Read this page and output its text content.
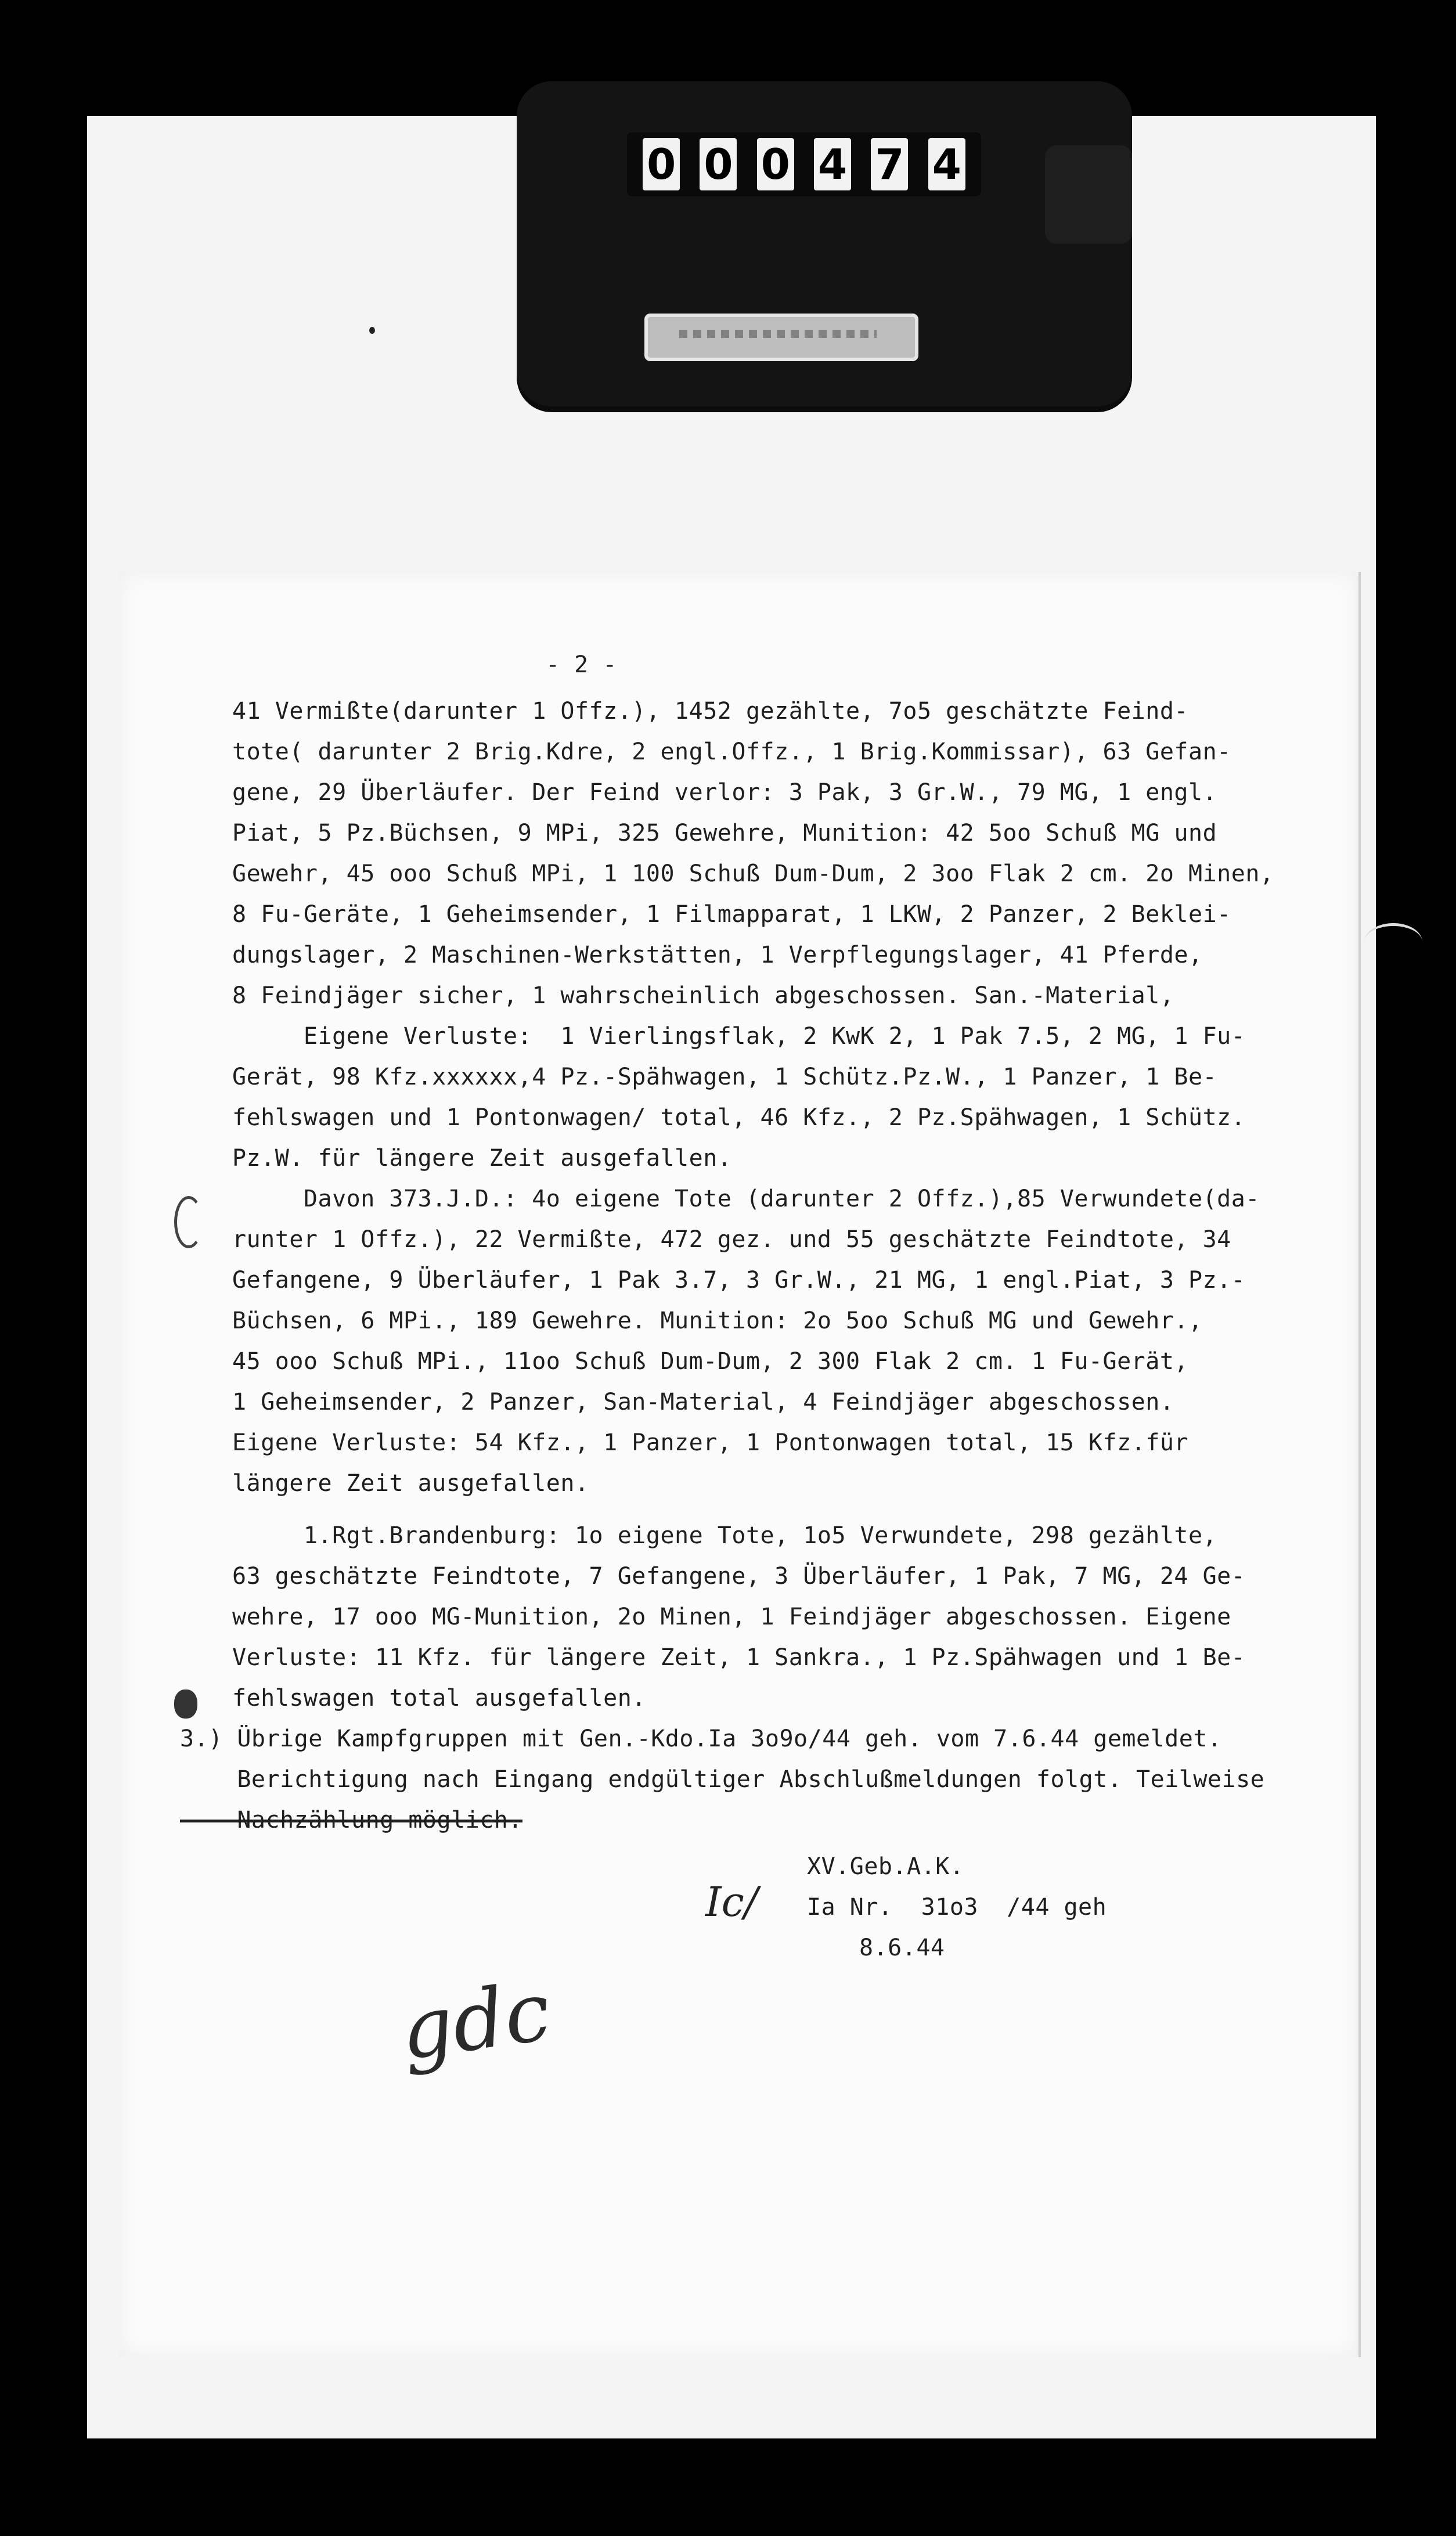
0 0 0 4 7 4

- 2 -

41 Vermißte(darunter 1 Offz.), 1452 gezählte, 7o5 geschätzte Feind-

tote( darunter 2 Brig.Kdre, 2 engl.Offz., 1 Brig.Kommissar), 63 Gefan-

gene, 29 Überläufer. Der Feind verlor: 3 Pak, 3 Gr.W., 79 MG, 1 engl.

Piat, 5 Pz.Büchsen, 9 MPi, 325 Gewehre, Munition: 42 5oo Schuß MG und

Gewehr, 45 ooo Schuß MPi, 1 100 Schuß Dum-Dum, 2 3oo Flak 2 cm. 2o Minen,

8 Fu-Geräte, 1 Geheimsender, 1 Filmapparat, 1 LKW, 2 Panzer, 2 Beklei-

dungslager, 2 Maschinen-Werkstätten, 1 Verpflegungslager, 41 Pferde,

8 Feindjäger sicher, 1 wahrscheinlich abgeschossen. San.-Material,

Eigene Verluste:  1 Vierlingsflak, 2 KwK 2, 1 Pak 7.5, 2 MG, 1 Fu-

Gerät, 98 Kfz.xxxxxx,4 Pz.-Spähwagen, 1 Schütz.Pz.W., 1 Panzer, 1 Be-

fehlswagen und 1 Pontonwagen/ total, 46 Kfz., 2 Pz.Spähwagen, 1 Schütz.

Pz.W. für längere Zeit ausgefallen.

Davon 373.J.D.: 4o eigene Tote (darunter 2 Offz.),85 Verwundete(da-

runter 1 Offz.), 22 Vermißte, 472 gez. und 55 geschätzte Feindtote, 34

Gefangene, 9 Überläufer, 1 Pak 3.7, 3 Gr.W., 21 MG, 1 engl.Piat, 3 Pz.-

Büchsen, 6 MPi., 189 Gewehre. Munition: 2o 5oo Schuß MG und Gewehr.,

45 ooo Schuß MPi., 11oo Schuß Dum-Dum, 2 300 Flak 2 cm. 1 Fu-Gerät,

1 Geheimsender, 2 Panzer, San-Material, 4 Feindjäger abgeschossen.

Eigene Verluste: 54 Kfz., 1 Panzer, 1 Pontonwagen total, 15 Kfz.für

längere Zeit ausgefallen.

1.Rgt.Brandenburg: 1o eigene Tote, 1o5 Verwundete, 298 gezählte,

63 geschätzte Feindtote, 7 Gefangene, 3 Überläufer, 1 Pak, 7 MG, 24 Ge-

wehre, 17 ooo MG-Munition, 2o Minen, 1 Feindjäger abgeschossen. Eigene

Verluste: 11 Kfz. für längere Zeit, 1 Sankra., 1 Pz.Spähwagen und 1 Be-

fehlswagen total ausgefallen.

3.) Übrige Kampfgruppen mit Gen.-Kdo.Ia 3o9o/44 geh. vom 7.6.44 gemeldet.

Berichtigung nach Eingang endgültiger Abschlußmeldungen folgt. Teilweise

Nachzählung möglich.

XV.Geb.A.K.

Ia Nr.  31o3  /44 geh

8.6.44

Ic/
gdc
